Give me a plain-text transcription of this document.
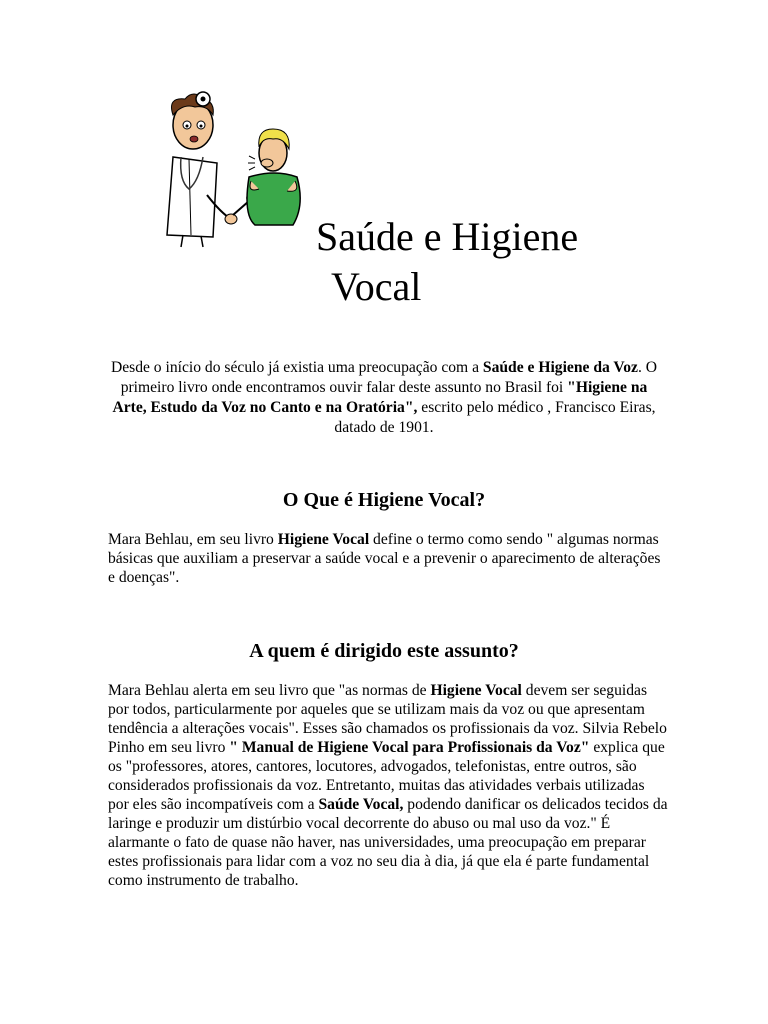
Saúde e Higiene
Vocal

Desde o início do século já existia uma preocupação com a Saúde e Higiene da Voz. O primeiro livro onde encontramos ouvir falar deste assunto no Brasil foi "Higiene na Arte, Estudo da Voz no Canto e na Oratória", escrito pelo médico , Francisco Eiras, datado de 1901.

O Que é Higiene Vocal?

Mara Behlau, em seu livro Higiene Vocal define o termo como sendo " algumas normas básicas que auxiliam a preservar a saúde vocal e a prevenir o aparecimento de alterações e doenças".

A quem é dirigido este assunto?

Mara Behlau alerta em seu livro que "as normas de Higiene Vocal devem ser seguidas por todos, particularmente por aqueles que se utilizam mais da voz ou que apresentam tendência a alterações vocais". Esses são chamados os profissionais da voz. Silvia Rebelo Pinho em seu livro " Manual de Higiene Vocal para Profissionais da Voz" explica que os "professores, atores, cantores, locutores, advogados, telefonistas, entre outros, são considerados profissionais da voz. Entretanto, muitas das atividades verbais utilizadas por eles são incompatíveis com a Saúde Vocal, podendo danificar os delicados tecidos da laringe e produzir um distúrbio vocal decorrente do abuso ou mal uso da voz." É alarmante o fato de quase não haver, nas universidades, uma preocupação em preparar estes profissionais para lidar com a voz no seu dia à dia, já que ela é parte fundamental como instrumento de trabalho.
